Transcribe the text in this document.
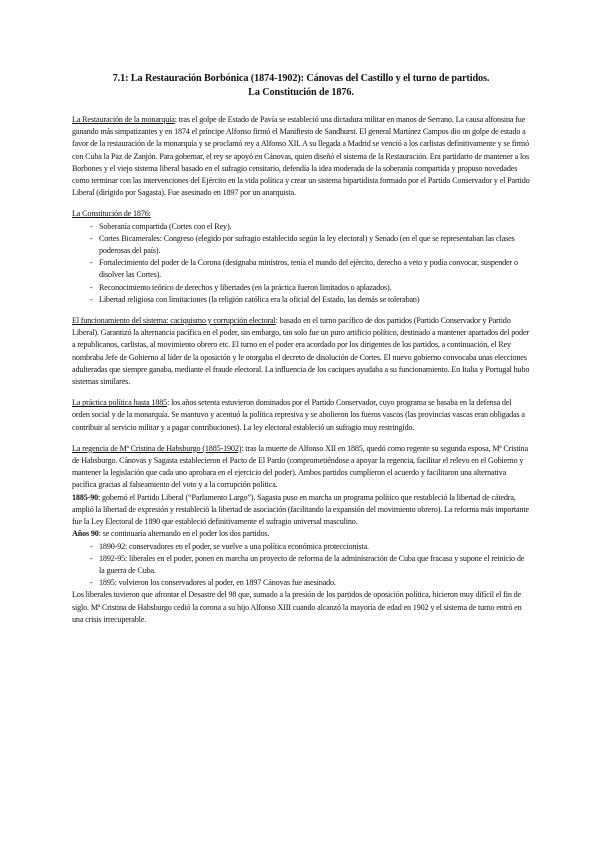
7.1: La Restauración Borbónica (1874-1902): Cánovas del Castillo y el turno de partidos.
La Constitución de 1876.

La Restauración de la monarquía: tras el golpe de Estado de Pavía se estableció una dictadura militar en manos de Serrano. La causa alfonsina fue ganando más simpatizantes y en 1874 el príncipe Alfonso firmó el Manifiesto de Sandhurst. El general Martínez Campos dio un golpe de estado a favor de la restauración de la monarquía y se proclamó rey a Alfonso XII. A su llegada a Madrid se venció a los carlistas definitivamente y se firmó con Cuba la Paz de Zanjón. Para gobernar, el rey se apoyó en Cánovas, quien diseñó el sistema de la Restauración. Era partidario de mantener a los Borbones y el viejo sistema liberal basado en el sufragio censitario, defendía la idea moderada de la soberanía compartida y propuso novedades como terminar con las intervenciones del Ejército en la vida política y crear un sistema bipartidista formado por el Partido Conservador y el Partido Liberal (dirigido por Sagasta). Fue asesinado en 1897 por un anarquista.

La Constitución de 1876:

- Soberanía compartida (Cortes con el Rey).
- Cortes Bicamerales: Congreso (elegido por sufragio establecido según la ley electoral) y Senado (en el que se representaban las clases poderosas del país).
- Fortalecimiento del poder de la Corona (designaba ministros, tenía el mando del ejército, derecho a veto y podía convocar, suspender o disolver las Cortes).
- Reconocimiento teórico de derechos y libertades (en la práctica fueron limitados o aplazados).
- Libertad religiosa con limitaciones (la religión católica era la oficial del Estado, las demás se toleraban)

El funcionamiento del sistema: caciquismo y corrupción electoral: basado en el turno pacífico de dos partidos (Partido Conservador y Partido Liberal). Garantizó la alternancia pacífica en el poder, sin embargo, tan solo fue un puro artificio político, destinado a mantener apartados del poder a republicanos, carlistas, al movimiento obrero etc. El turno en el poder era acordado por los dirigentes de los partidos, a continuación, el Rey nombraba Jefe de Gobierno al líder de la oposición y le otorgaba el decreto de disolución de Cortes. El nuevo gobierno convocaba unas elecciones adulteradas que siempre ganaba, mediante el fraude electoral. La influencia de los caciques ayudaba a su funcionamiento. En Italia y Portugal hubo sistemas similares.

La práctica política hasta 1885: los años setenta estuvieron dominados por el Partido Conservador, cuyo programa se basaba en la defensa del orden social y de la monarquía. Se mantuvo y acentuó la política represiva y se abolieron los fueros vascos (las provincias vascas eran obligadas a contribuir al servicio militar y a pagar contribuciones). La ley electoral estableció un sufragio muy restringido.

La regencia de Mª Cristina de Habsburgo (1885-1902): tras la muerte de Alfonso XII en 1885, quedó como regente su segunda esposa, Mª Cristina de Habsburgo. Cánovas y Sagasta establecieron el Pacto de El Pardo (comprometiéndose a apoyar la regencia, facilitar el relevo en el Gobierno y mantener la legislación que cada uno aprobara en el ejercicio del poder). Ambos partidos cumplieron el acuerdo y facilitaron una alternativa pacífica gracias al falseamiento del voto y a la corrupción política.

1885-90: gobernó el Partido Liberal (“Parlamento Largo”). Sagasta puso en marcha un programa político que restableció la libertad de cátedra, amplió la libertad de expresión y restableció la libertad de asociación (facilitando la expansión del movimiento obrero). La reforma más importante fue la Ley Electoral de 1890 que estableció definitivamente el sufragio universal masculino.

Años 90: se continuaría alternando en el poder los dos partidos.

- 1890-92: conservadores en el poder, se vuelve a una política económica proteccionista.
- 1892-95: liberales en el poder, ponen en marcha un proyecto de reforma de la administración de Cuba que fracasa y supone el reinicio de la guerra de Cuba.
- 1895: volvieron los conservadores al poder, en 1897 Cánovas fue asesinado.

Los liberales tuvieron que afrontar el Desastre del 98 que, sumado a la presión de los partidos de oposición política, hicieron muy difícil el fin de siglo. Mª Cristina de Habsburgo cedió la corona a su hijo Alfonso XIII cuando alcanzó la mayoría de edad en 1902 y el sistema de turno entró en una crisis irrecuperable.
